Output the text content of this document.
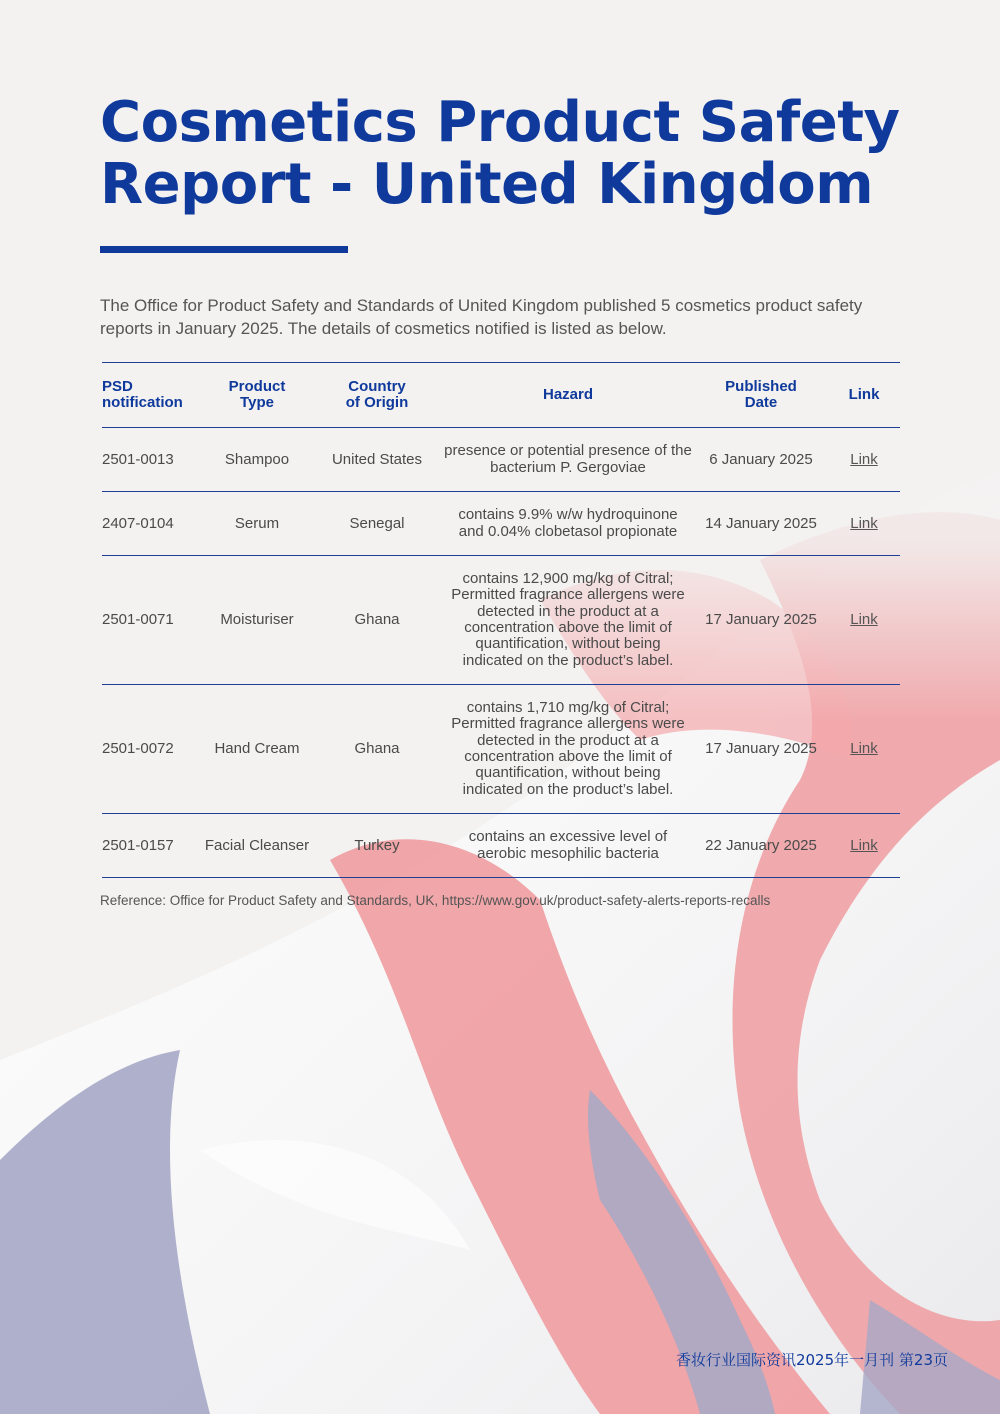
Cosmetics Product Safety Report - United Kingdom

The Office for Product Safety and Standards of United Kingdom published 5 cosmetics product safety reports in January 2025. The details of cosmetics notified is listed as below.

PSD notification	Product Type	Country of Origin	Hazard	Published Date	Link
2501-0013	Shampoo	United States	presence or potential presence of the bacterium P. Gergoviae	6 January 2025	Link
2407-0104	Serum	Senegal	contains 9.9% w/w hydroquinone and 0.04% clobetasol propionate	14 January 2025	Link
2501-0071	Moisturiser	Ghana	contains 12,900 mg/kg of Citral; Permitted fragrance allergens were detected in the product at a concentration above the limit of quantification, without being indicated on the product’s label.	17 January 2025	Link
2501-0072	Hand Cream	Ghana	contains 1,710 mg/kg of Citral; Permitted fragrance allergens were detected in the product at a concentration above the limit of quantification, without being indicated on the product’s label.	17 January 2025	Link
2501-0157	Facial Cleanser	Turkey	contains an excessive level of aerobic mesophilic bacteria	22 January 2025	Link

Reference: Office for Product Safety and Standards, UK, https://www.gov.uk/product-safety-alerts-reports-recalls

香妆行业国际资讯2025年一月刊 第23页
